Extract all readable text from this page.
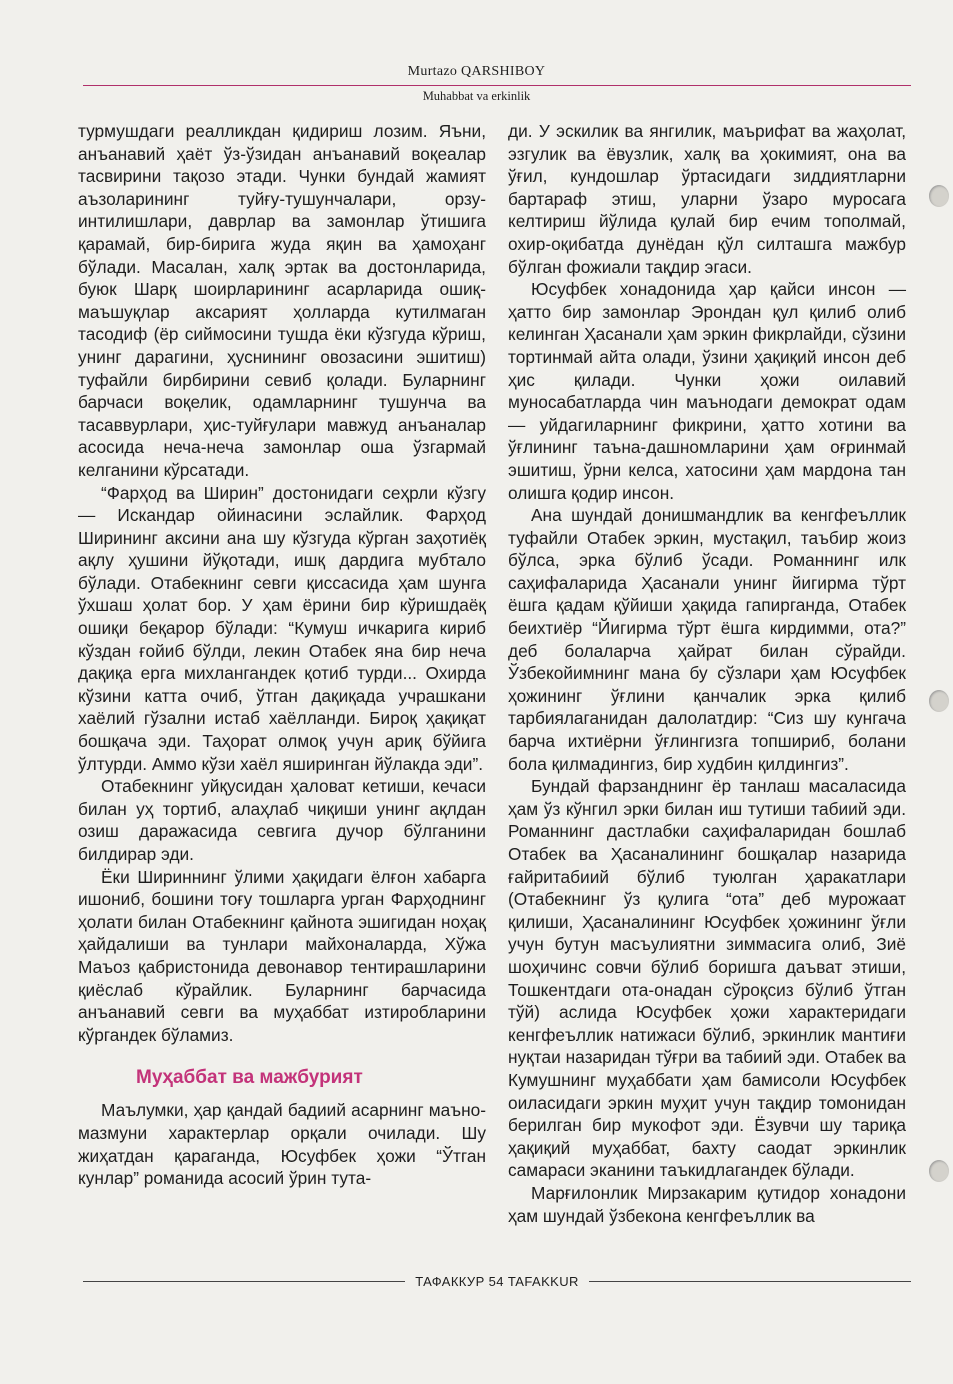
Murtazo QARSHIBOY
Muhabbat va erkinlik

турмушдаги реалликдан қидириш лозим. Яъни, анъанавий ҳаёт ўз-ўзидан анъанавий воқеалар тасвирини тақозо этади. Чунки бундай жамият аъзоларининг туйғу-тушунчалари, орзу-интилишлари, даврлар ва замонлар ўтишига қарамай, бир-бирига жуда яқин ва ҳамоҳанг бўлади. Масалан, халқ эртак ва достонларида, буюк Шарқ шоирларининг асарларида ошиқ-маъшуқлар аксарият ҳолларда кутилмаган тасодиф (ёр сиймосини тушда ёки кўзгуда кўриш, унинг дарагини, ҳуснининг овозасини эшитиш) туфайли бирбирини севиб қолади. Буларнинг барчаси воқелик, одамларнинг тушунча ва тасаввурлари, ҳис-туйғулари мавжуд анъаналар асосида неча-неча замонлар оша ўзгармай келганини кўрсатади.

“Фарҳод ва Ширин” достонидаги сеҳрли кўзгу — Искандар ойинасини эслайлик. Фарҳод Ширининг аксини ана шу кўзгуда кўрган заҳотиёқ ақлу ҳушини йўқотади, ишқ дардига мубтало бўлади. Отабекнинг севги қиссасида ҳам шунга ўхшаш ҳолат бор. У ҳам ёрини бир кўришдаёқ ошиқи беқарор бўлади: “Кумуш ичкарига кириб кўздан ғойиб бўлди, лекин Отабек яна бир неча дақиқа ерга михлангандек қотиб турди... Охирда кўзини катта очиб, ўтган дақиқада учрашкани хаёлий гўзални истаб хаёлланди. Бироқ ҳақиқат бошқача эди. Таҳорат олмоқ учун ариқ бўйига ўлтурди. Аммо кўзи хаёл яширинган йўлакда эди”.

Отабекнинг уйқусидан ҳаловат кетиши, кечаси билан уҳ тортиб, алаҳлаб чиқиши унинг ақлдан озиш даражасида севгига дучор бўлганини билдирар эди.

Ёки Шириннинг ўлими ҳақидаги ёлғон хабарга ишониб, бошини тоғу тошларга урган Фарҳоднинг ҳолати билан Отабекнинг қайнота эшигидан ноҳақ ҳайдалиши ва тунлари майхоналарда, Хўжа Маъоз қабристонида девонавор тентирашларини қиёслаб кўрайлик. Буларнинг барчасида анъанавий севги ва муҳаббат изтиробларини кўргандек бўламиз.

Муҳаббат ва мажбурият

Маълумки, ҳар қандай бадиий асарнинг маъно-мазмуни характерлар орқали очилади. Шу жиҳатдан қараганда, Юсуфбек ҳожи “Ўтган кунлар” романида асосий ўрин тута-

ди. У эскилик ва янгилик, маърифат ва жаҳолат, эзгулик ва ёвузлик, халқ ва ҳокимият, она ва ўғил, кундошлар ўртасидаги зиддиятларни бартараф этиш, уларни ўзаро муросага келтириш йўлида қулай бир ечим тополмай, охир-оқибатда дунёдан қўл силташга мажбур бўлган фожиали тақдир эгаси.

Юсуфбек хонадонида ҳар қайси инсон — ҳатто бир замонлар Эрондан қул қилиб олиб келинган Ҳасанали ҳам эркин фикрлайди, сўзини тортинмай айта олади, ўзини ҳақиқий инсон деб ҳис қилади. Чунки ҳожи оилавий муносабатларда чин маънодаги демократ одам — уйдагиларнинг фикрини, ҳатто хотини ва ўғлининг таъна-дашномларини ҳам оғринмай эшитиш, ўрни келса, хатосини ҳам мардона тан олишга қодир инсон.

Ана шундай донишмандлик ва кенгфеъллик туфайли Отабек эркин, мустақил, таъбир жоиз бўлса, эрка бўлиб ўсади. Романнинг илк саҳифаларида Ҳасанали унинг йигирма тўрт ёшга қадам қўйиши ҳақида гапирганда, Отабек беихтиёр “Йигирма тўрт ёшга кирдимми, ота?” деб болаларча ҳайрат билан сўрайди. Ўзбекойимнинг мана бу сўзлари ҳам Юсуфбек ҳожининг ўғлини қанчалик эрка қилиб тарбиялаганидан далолатдир: “Сиз шу кунгача барча ихтиёрни ўғлингизга топшириб, болани бола қилмадингиз, бир худбин қилдингиз”.

Бундай фарзанднинг ёр танлаш масаласида ҳам ўз кўнгил эрки билан иш тутиши табиий эди. Романнинг дастлабки саҳифаларидан бошлаб Отабек ва Ҳасаналининг бошқалар назарида ғайритабиий бўлиб туюлган ҳаракатлари (Отабекнинг ўз қулига “ота” деб мурожаат қилиши, Ҳасаналининг Юсуфбек ҳожининг ўғли учун бутун масъулиятни зиммасига олиб, Зиё шоҳичинс совчи бўлиб боришга даъват этиши, Тошкентдаги ота-онадан сўроқсиз бўлиб ўтган тўй) аслида Юсуфбек ҳожи характеридаги кенгфеъллик натижаси бўлиб, эркинлик мантиғи нуқтаи назаридан тўғри ва табиий эди. Отабек ва Кумушнинг муҳаббати ҳам бамисоли Юсуфбек оиласидаги эркин муҳит учун тақдир томонидан берилган бир мукофот эди. Ёзувчи шу тариқа ҳақиқий муҳаббат, бахту саодат эркинлик самараси эканини таъкидлагандек бўлади.

Марғилонлик Мирзакарим қутидор хонадони ҳам шундай ўзбекона кенгфеъллик ва

ТАФАККУР 54 TAFAKKUR
